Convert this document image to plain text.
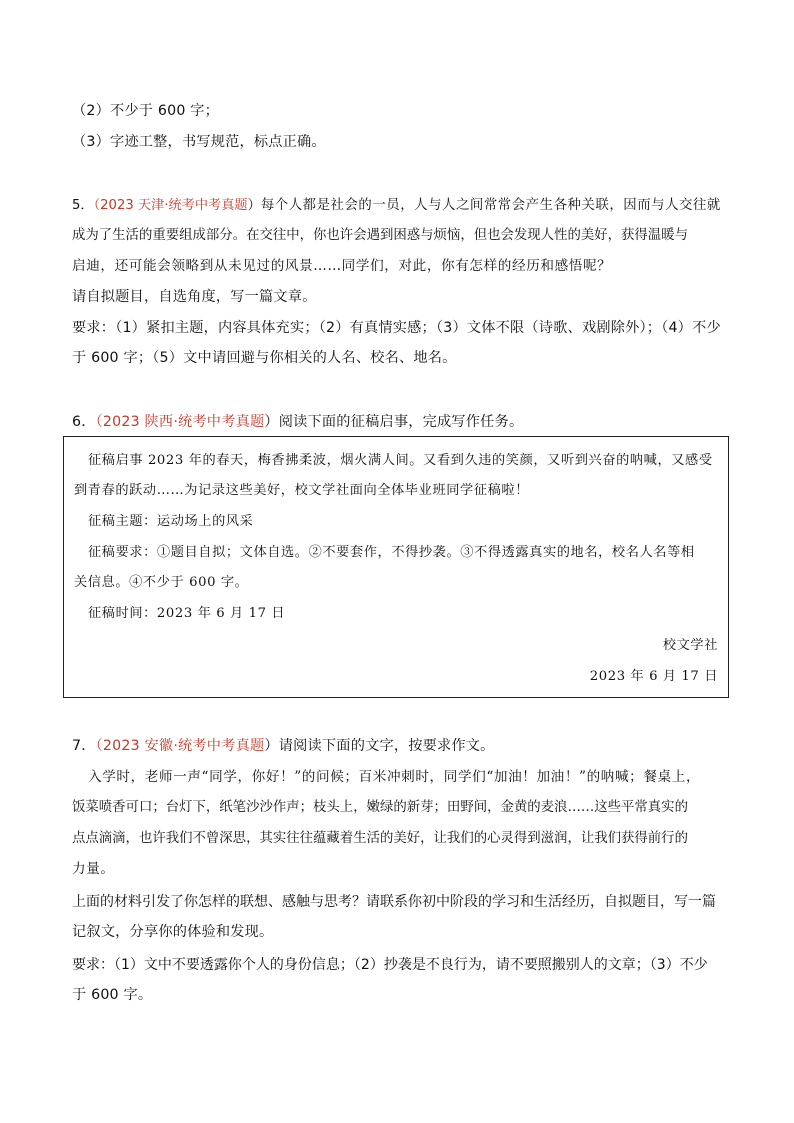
（2）不少于 600 字；
（3）字迹工整，书写规范，标点正确。
5．（2023 天津·统考中考真题）每个人都是社会的一员，人与人之间常常会产生各种关联，因而与人交往就
成为了生活的重要组成部分。在交往中，你也许会遇到困惑与烦恼，但也会发现人性的美好，获得温暖与
启迪，还可能会领略到从未见过的风景……同学们，对此，你有怎样的经历和感悟呢？
请自拟题目，自选角度，写一篇文章。
要求：（1）紧扣主题，内容具体充实；（2）有真情实感；（3）文体不限（诗歌、戏剧除外）；（4）不少
于 600 字；（5）文中请回避与你相关的人名、校名、地名。
6．（2023 陕西·统考中考真题）阅读下面的征稿启事，完成写作任务。
征稿启事 2023 年的春天，梅香拂柔波，烟火满人间。又看到久违的笑颜，又听到兴奋的呐喊，又感受
到青春的跃动……为记录这些美好，校文学社面向全体毕业班同学征稿啦！
征稿主题：运动场上的风采
征稿要求：①题目自拟；文体自选。②不要套作，不得抄袭。③不得透露真实的地名，校名人名等相
关信息。④不少于 600 字。
征稿时间：2023 年 6 月 17 日
校文学社
2023 年 6 月 17 日
7．（2023 安徽·统考中考真题）请阅读下面的文字，按要求作文。
入学时，老师一声“同学，你好！”的问候；百米冲刺时，同学们“加油！加油！”的呐喊；餐桌上，
饭菜喷香可口；台灯下，纸笔沙沙作声；枝头上，嫩绿的新芽；田野间，金黄的麦浪……这些平常真实的
点点滴滴，也许我们不曾深思，其实往往蕴藏着生活的美好，让我们的心灵得到滋润，让我们获得前行的
力量。
上面的材料引发了你怎样的联想、感触与思考？请联系你初中阶段的学习和生活经历，自拟题目，写一篇
记叙文，分享你的体验和发现。
要求：（1）文中不要透露你个人的身份信息；（2）抄袭是不良行为，请不要照搬别人的文章；（3）不少
于 600 字。
